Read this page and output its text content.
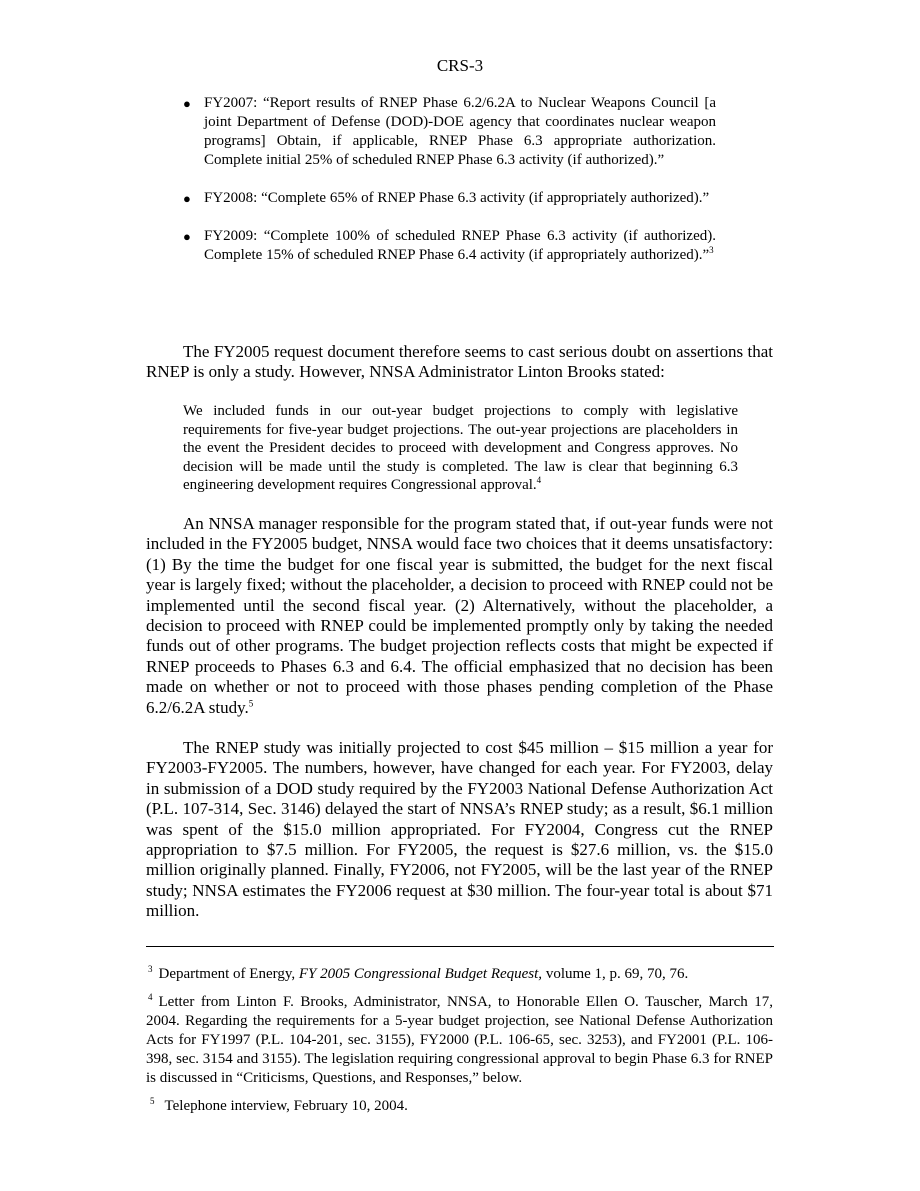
CRS-3
● FY2007: “Report results of RNEP Phase 6.2/6.2A to Nuclear Weapons Council [a joint Department of Defense (DOD)-DOE agency that coordinates nuclear weapon programs] Obtain, if applicable, RNEP Phase 6.3 appropriate authorization. Complete initial 25% of scheduled RNEP Phase 6.3 activity (if authorized).”
● FY2008: “Complete 65% of RNEP Phase 6.3 activity (if appropriately authorized).”
● FY2009: “Complete 100% of scheduled RNEP Phase 6.3 activity (if authorized). Complete 15% of scheduled RNEP Phase 6.4 activity (if appropriately authorized).”$^3$

The FY2005 request document therefore seems to cast serious doubt on assertions that RNEP is only a study. However, NNSA Administrator Linton Brooks stated:

We included funds in our out-year budget projections to comply with legislative requirements for five-year budget projections. The out-year projections are placeholders in the event the President decides to proceed with development and Congress approves. No decision will be made until the study is completed. The law is clear that beginning 6.3 engineering development requires Congressional approval.$^4$

An NNSA manager responsible for the program stated that, if out-year funds were not included in the FY2005 budget, NNSA would face two choices that it deems unsatisfactory: (1) By the time the budget for one fiscal year is submitted, the budget for the next fiscal year is largely fixed; without the placeholder, a decision to proceed with RNEP could not be implemented until the second fiscal year. (2) Alternatively, without the placeholder, a decision to proceed with RNEP could be implemented promptly only by taking the needed funds out of other programs. The budget projection reflects costs that might be expected if RNEP proceeds to Phases 6.3 and 6.4. The official emphasized that no decision has been made on whether or not to proceed with those phases pending completion of the Phase 6.2/6.2A study.$^5$

The RNEP study was initially projected to cost $45 million – $15 million a year for FY2003-FY2005. The numbers, however, have changed for each year. For FY2003, delay in submission of a DOD study required by the FY2003 National Defense Authorization Act (P.L. 107-314, Sec. 3146) delayed the start of NNSA’s RNEP study; as a result, $6.1 million was spent of the $15.0 million appropriated. For FY2004, Congress cut the RNEP appropriation to $7.5 million. For FY2005, the request is $27.6 million, vs. the $15.0 million originally planned. Finally, FY2006, not FY2005, will be the last year of the RNEP study; NNSA estimates the FY2006 request at $30 million. The four-year total is about $71 million.

$^3$ Department of Energy, FY 2005 Congressional Budget Request, volume 1, p. 69, 70, 76.

$^4$ Letter from Linton F. Brooks, Administrator, NNSA, to Honorable Ellen O. Tauscher, March 17, 2004. Regarding the requirements for a 5-year budget projection, see National Defense Authorization Acts for FY1997 (P.L. 104-201, sec. 3155), FY2000 (P.L. 106-65, sec. 3253), and FY2001 (P.L. 106-398, sec. 3154 and 3155). The legislation requiring congressional approval to begin Phase 6.3 for RNEP is discussed in “Criticisms, Questions, and Responses,” below.

$^5$ Telephone interview, February 10, 2004.
